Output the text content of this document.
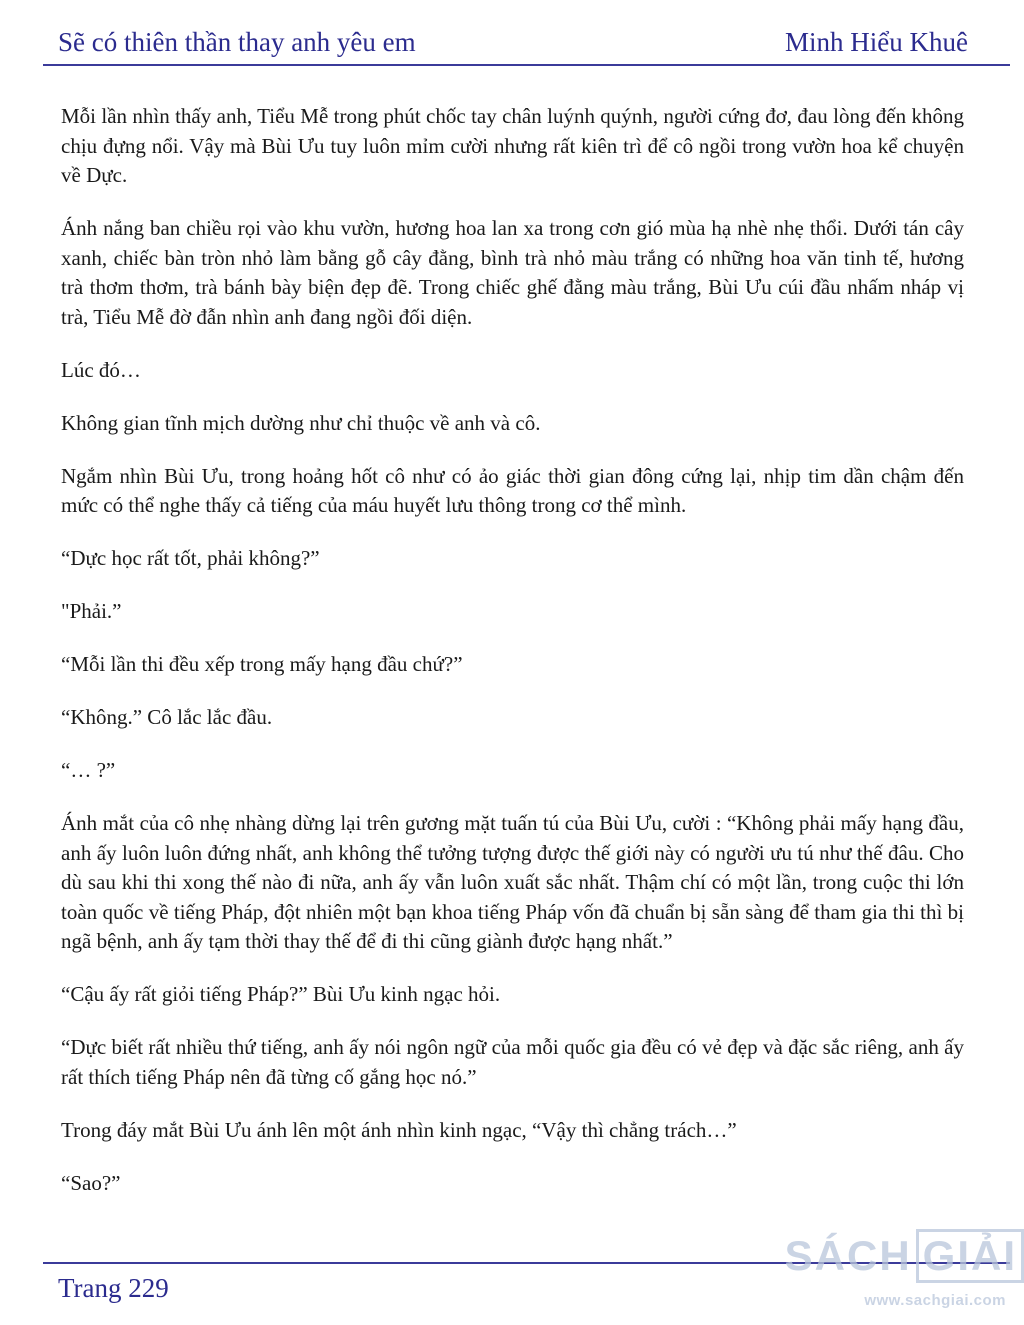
Sẽ có thiên thần thay anh yêu em	Minh Hiểu Khuê

Mỗi lần nhìn thấy anh, Tiểu Mễ trong phút chốc tay chân luýnh quýnh, người cứng đơ, đau lòng đến không chịu đựng nổi. Vậy mà Bùi Ưu tuy luôn mỉm cười nhưng rất kiên trì để cô ngồi trong vườn hoa kể chuyện về Dực.

Ánh nắng ban chiều rọi vào khu vườn, hương hoa lan xa trong cơn gió mùa hạ nhè nhẹ thổi. Dưới tán cây xanh, chiếc bàn tròn nhỏ làm bằng gỗ cây đằng, bình trà nhỏ màu trắng có những hoa văn tinh tế, hương trà thơm thơm, trà bánh bày biện đẹp đẽ. Trong chiếc ghế đằng màu trắng, Bùi Ưu cúi đầu nhấm nháp vị trà, Tiểu Mễ đờ đẫn nhìn anh đang ngồi đối diện.

Lúc đó…

Không gian tĩnh mịch dường như chỉ thuộc về anh và cô.

Ngắm nhìn Bùi Ưu, trong hoảng hốt cô như có ảo giác thời gian đông cứng lại, nhịp tim dần chậm đến mức có thể nghe thấy cả tiếng của máu huyết lưu thông trong cơ thể mình.

“Dực học rất tốt, phải không?”

"Phải.”

“Mỗi lần thi đều xếp trong mấy hạng đầu chứ?”

“Không.” Cô lắc lắc đầu.

“… ?”

Ánh mắt của cô nhẹ nhàng dừng lại trên gương mặt tuấn tú của Bùi Ưu, cười : “Không phải mấy hạng đầu, anh ấy luôn luôn đứng nhất, anh không thể tưởng tượng được thế giới này có người ưu tú như thế đâu. Cho dù sau khi thi xong thế nào đi nữa, anh ấy vẫn luôn xuất sắc nhất. Thậm chí có một lần, trong cuộc thi lớn toàn quốc về tiếng Pháp, đột nhiên một bạn khoa tiếng Pháp vốn đã chuẩn bị sẵn sàng để tham gia thi thì bị ngã bệnh, anh ấy tạm thời thay thế để đi thi cũng giành được hạng nhất.”

“Cậu ấy rất giỏi tiếng Pháp?” Bùi Ưu kinh ngạc hỏi.

“Dực biết rất nhiều thứ tiếng, anh ấy nói ngôn ngữ của mỗi quốc gia đều có vẻ đẹp và đặc sắc riêng, anh ấy rất thích tiếng Pháp nên đã từng cố gắng học nó.”

Trong đáy mắt Bùi Ưu ánh lên một ánh nhìn kinh ngạc, “Vậy thì chẳng trách…”

“Sao?”

Trang 229
SÁCH GIẢI
www.sachgiai.com
